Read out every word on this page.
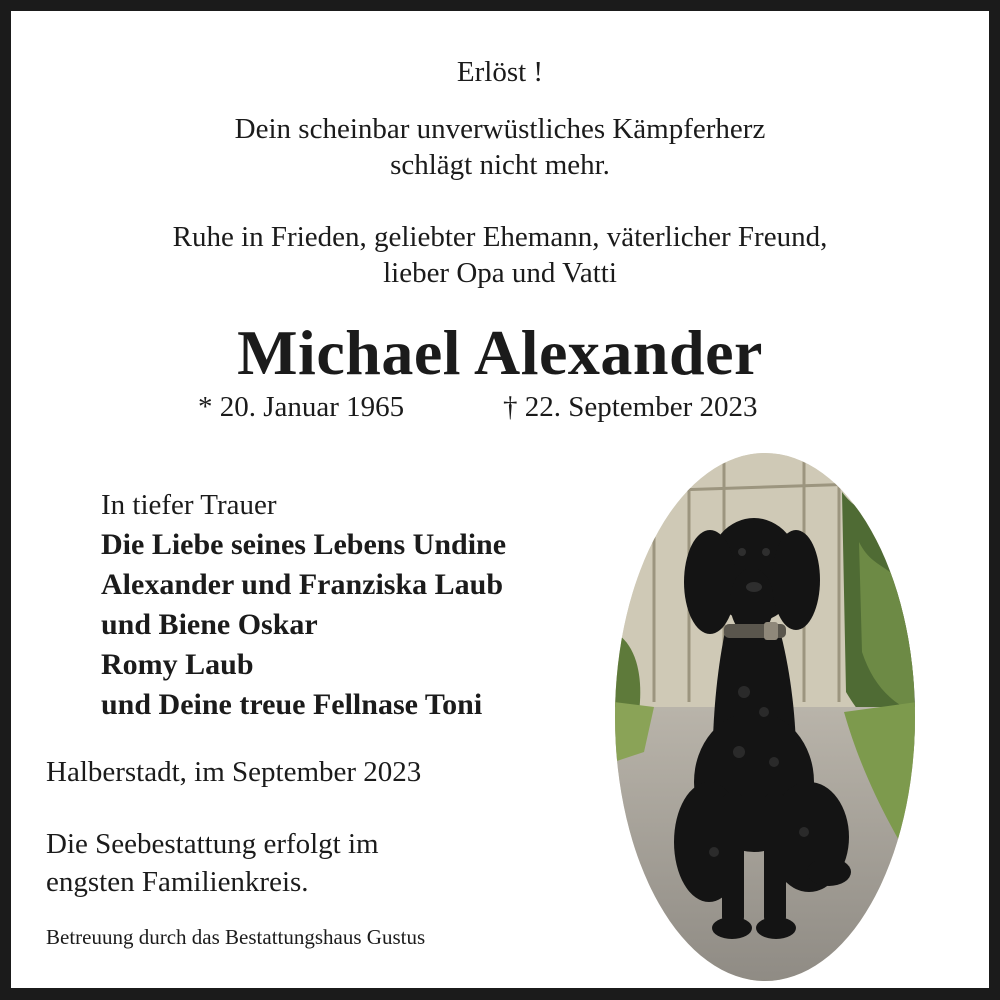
Erlöst !
Dein scheinbar unverwüstliches Kämpferherz
schlägt nicht mehr.
Ruhe in Frieden, geliebter Ehemann, väterlicher Freund,
lieber Opa und Vatti
Michael Alexander
* 20. Januar 1965	† 22. September 2023
In tiefer Trauer
Die Liebe seines Lebens Undine
Alexander und Franziska Laub
und Biene Oskar
Romy Laub
und Deine treue Fellnase Toni
Halberstadt, im September 2023
Die Seebestattung erfolgt im
engsten Familienkreis.
Betreuung durch das Bestattungshaus Gustus
